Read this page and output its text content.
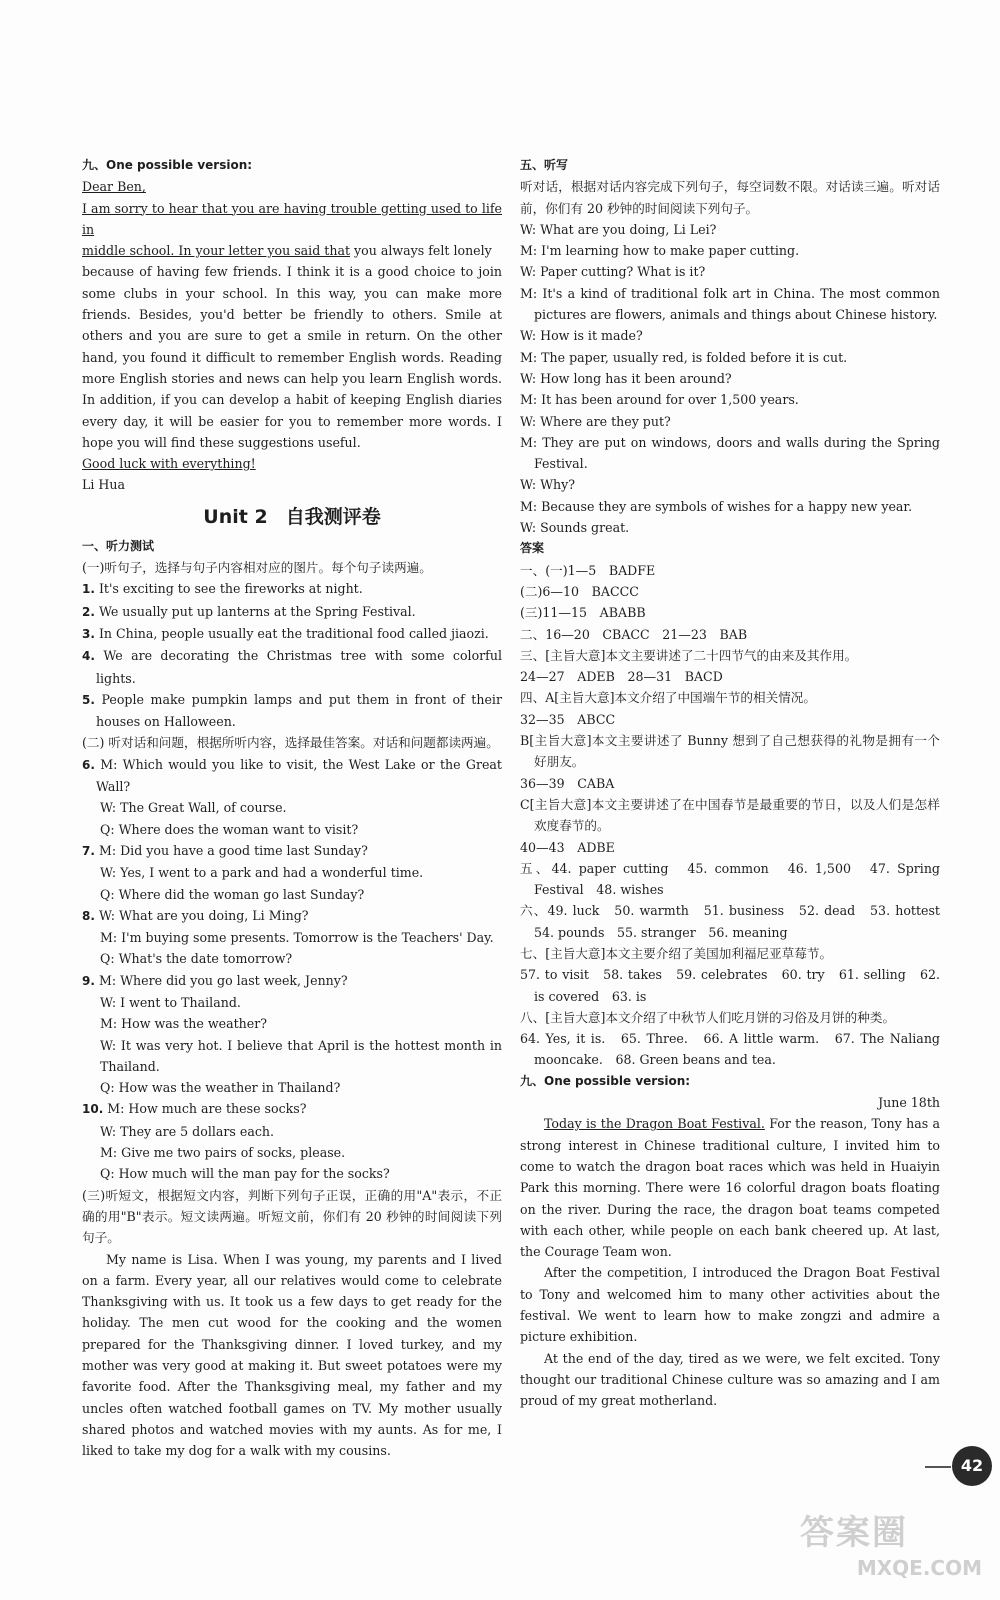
九、One possible version:

Dear Ben,

I am sorry to hear that you are having trouble getting used to life in

middle school. In your letter you said that you always felt lonely

because of having few friends. I think it is a good choice to join some clubs in your school. In this way, you can make more friends. Besides, you'd better be friendly to others. Smile at others and you are sure to get a smile in return. On the other hand, you found it difficult to remember English words. Reading more English stories and news can help you learn English words. In addition, if you can develop a habit of keeping English diaries every day, it will be easier for you to remember more words. I hope you will find these suggestions useful.

Good luck with everything!

Li Hua

Unit 2 自我测评卷

一、听力测试

(一)听句子，选择与句子内容相对应的图片。每个句子读两遍。

1. It's exciting to see the fireworks at night.

2. We usually put up lanterns at the Spring Festival.

3. In China, people usually eat the traditional food called jiaozi.

4. We are decorating the Christmas tree with some colorful lights.

5. People make pumpkin lamps and put them in front of their houses on Halloween.

(二) 听对话和问题，根据所听内容，选择最佳答案。对话和问题都读两遍。

6. M: Which would you like to visit, the West Lake or the Great Wall?

W: The Great Wall, of course.

Q: Where does the woman want to visit?

7. M: Did you have a good time last Sunday?

W: Yes, I went to a park and had a wonderful time.

Q: Where did the woman go last Sunday?

8. W: What are you doing, Li Ming?

M: I'm buying some presents. Tomorrow is the Teachers' Day.

Q: What's the date tomorrow?

9. M: Where did you go last week, Jenny?

W: I went to Thailand.

M: How was the weather?

W: It was very hot. I believe that April is the hottest month in Thailand.

Q: How was the weather in Thailand?

10. M: How much are these socks?

W: They are 5 dollars each.

M: Give me two pairs of socks, please.

Q: How much will the man pay for the socks?

(三)听短文，根据短文内容，判断下列句子正误，正确的用"A"表示，不正确的用"B"表示。短文读两遍。听短文前，你们有 20 秒钟的时间阅读下列句子。

My name is Lisa. When I was young, my parents and I lived on a farm. Every year, all our relatives would come to celebrate Thanksgiving with us. It took us a few days to get ready for the holiday. The men cut wood for the cooking and the women prepared for the Thanksgiving dinner. I loved turkey, and my mother was very good at making it. But sweet potatoes were my favorite food. After the Thanksgiving meal, my father and my uncles often watched football games on TV. My mother usually shared photos and watched movies with my aunts. As for me, I liked to take my dog for a walk with my cousins.

五、听写

听对话，根据对话内容完成下列句子，每空词数不限。对话读三遍。听对话前，你们有 20 秒钟的时间阅读下列句子。

W: What are you doing, Li Lei?

M: I'm learning how to make paper cutting.

W: Paper cutting? What is it?

M: It's a kind of traditional folk art in China. The most common pictures are flowers, animals and things about Chinese history.

W: How is it made?

M: The paper, usually red, is folded before it is cut.

W: How long has it been around?

M: It has been around for over 1,500 years.

W: Where are they put?

M: They are put on windows, doors and walls during the Spring Festival.

W: Why?

M: Because they are symbols of wishes for a happy new year.

W: Sounds great.

答案

一、(一)1—5　BADFE

(二)6—10　BACCC

(三)11—15　ABABB

二、16—20　CBACC　21—23　BAB

三、[主旨大意]本文主要讲述了二十四节气的由来及其作用。

24—27　ADEB　28—31　BACD

四、A[主旨大意]本文介绍了中国端午节的相关情况。

32—35　ABCC

B[主旨大意]本文主要讲述了 Bunny 想到了自己想获得的礼物是拥有一个好朋友。

36—39　CABA

C[主旨大意]本文主要讲述了在中国春节是最重要的节日，以及人们是怎样欢度春节的。

40—43　ADBE

五、44. paper cutting　45. common　46. 1,500　47. Spring Festival　48. wishes

六、49. luck　50. warmth　51. business　52. dead　53. hottest　54. pounds　55. stranger　56. meaning

七、[主旨大意]本文主要介绍了美国加利福尼亚草莓节。

57. to visit　58. takes　59. celebrates　60. try　61. selling　62. is covered　63. is

八、[主旨大意]本文介绍了中秋节人们吃月饼的习俗及月饼的种类。

64. Yes, it is.　65. Three.　66. A little warm.　67. The Naliang mooncake.　68. Green beans and tea.

九、One possible version:

June 18th

Today is the Dragon Boat Festival. For the reason, Tony has a strong interest in Chinese traditional culture, I invited him to come to watch the dragon boat races which was held in Huaiyin Park this morning. There were 16 colorful dragon boats floating on the river. During the race, the dragon boat teams competed with each other, while people on each bank cheered up. At last, the Courage Team won.

After the competition, I introduced the Dragon Boat Festival to Tony and welcomed him to many other activities about the festival. We went to learn how to make zongzi and admire a picture exhibition.

At the end of the day, tired as we were, we felt excited. Tony thought our traditional Chinese culture was so amazing and I am proud of my great motherland.

42
答案圈
MXQE.COM
